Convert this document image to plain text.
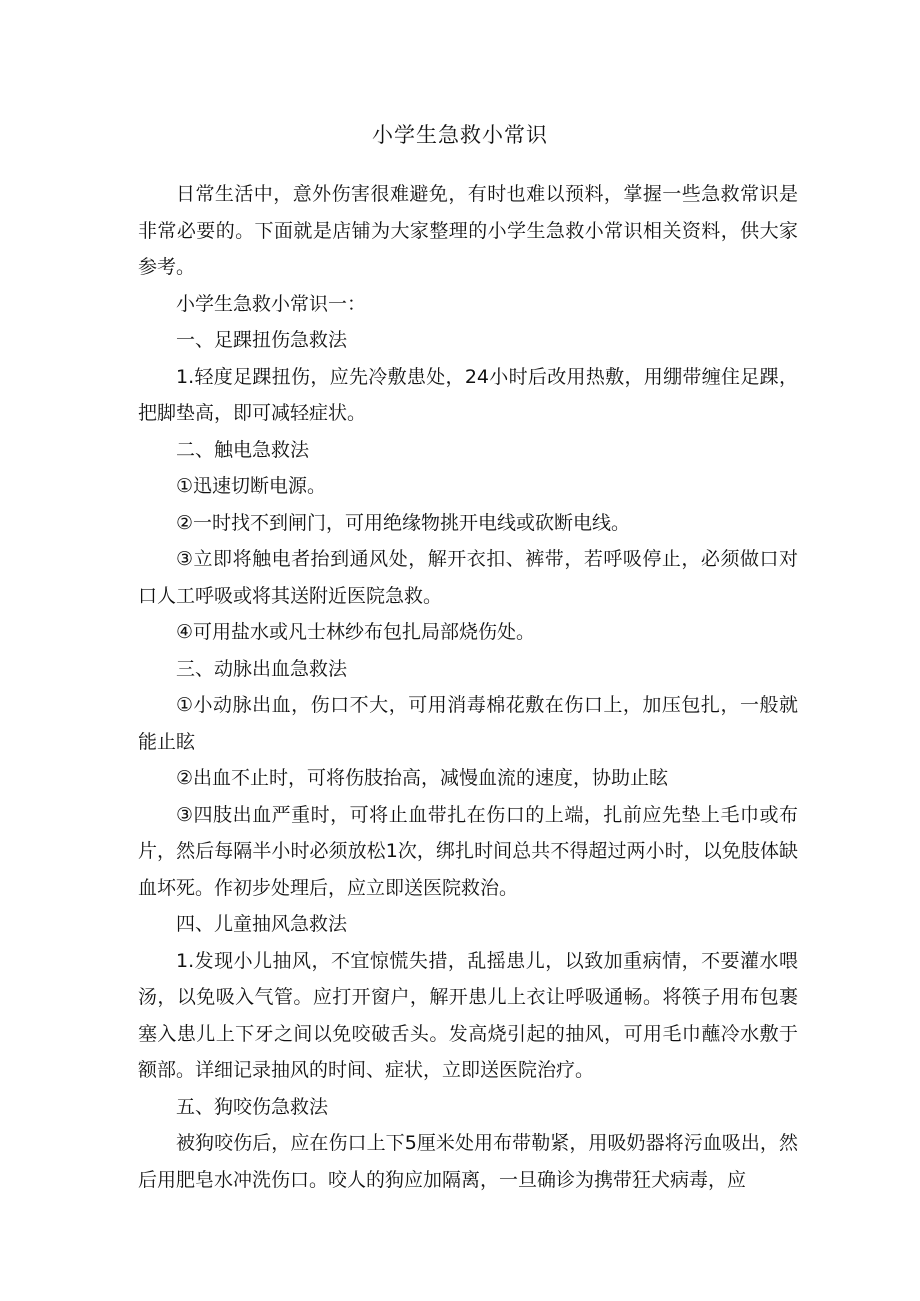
小学生急救小常识

日常生活中，意外伤害很难避免，有时也难以预料，掌握一些急救常识是非常必要的。下面就是店铺为大家整理的小学生急救小常识相关资料，供大家参考。

小学生急救小常识一：

一、足踝扭伤急救法

1.轻度足踝扭伤，应先冷敷患处，24小时后改用热敷，用绷带缠住足踝，把脚垫高，即可减轻症状。

二、触电急救法

①迅速切断电源。

②一时找不到闸门，可用绝缘物挑开电线或砍断电线。

③立即将触电者抬到通风处，解开衣扣、裤带，若呼吸停止，必须做口对口人工呼吸或将其送附近医院急救。

④可用盐水或凡士林纱布包扎局部烧伤处。

三、动脉出血急救法

①小动脉出血，伤口不大，可用消毒棉花敷在伤口上，加压包扎，一般就能止眩

②出血不止时，可将伤肢抬高，减慢血流的速度，协助止眩

③四肢出血严重时，可将止血带扎在伤口的上端，扎前应先垫上毛巾或布片，然后每隔半小时必须放松1次，绑扎时间总共不得超过两小时，以免肢体缺血坏死。作初步处理后，应立即送医院救治。

四、儿童抽风急救法

1.发现小儿抽风，不宜惊慌失措，乱摇患儿，以致加重病情，不要灌水喂汤，以免吸入气管。应打开窗户，解开患儿上衣让呼吸通畅。将筷子用布包裹塞入患儿上下牙之间以免咬破舌头。发高烧引起的抽风，可用毛巾蘸冷水敷于额部。详细记录抽风的时间、症状，立即送医院治疗。

五、狗咬伤急救法

被狗咬伤后，应在伤口上下5厘米处用布带勒紧，用吸奶器将污血吸出，然后用肥皂水冲洗伤口。咬人的狗应加隔离，一旦确诊为携带狂犬病毒，应
